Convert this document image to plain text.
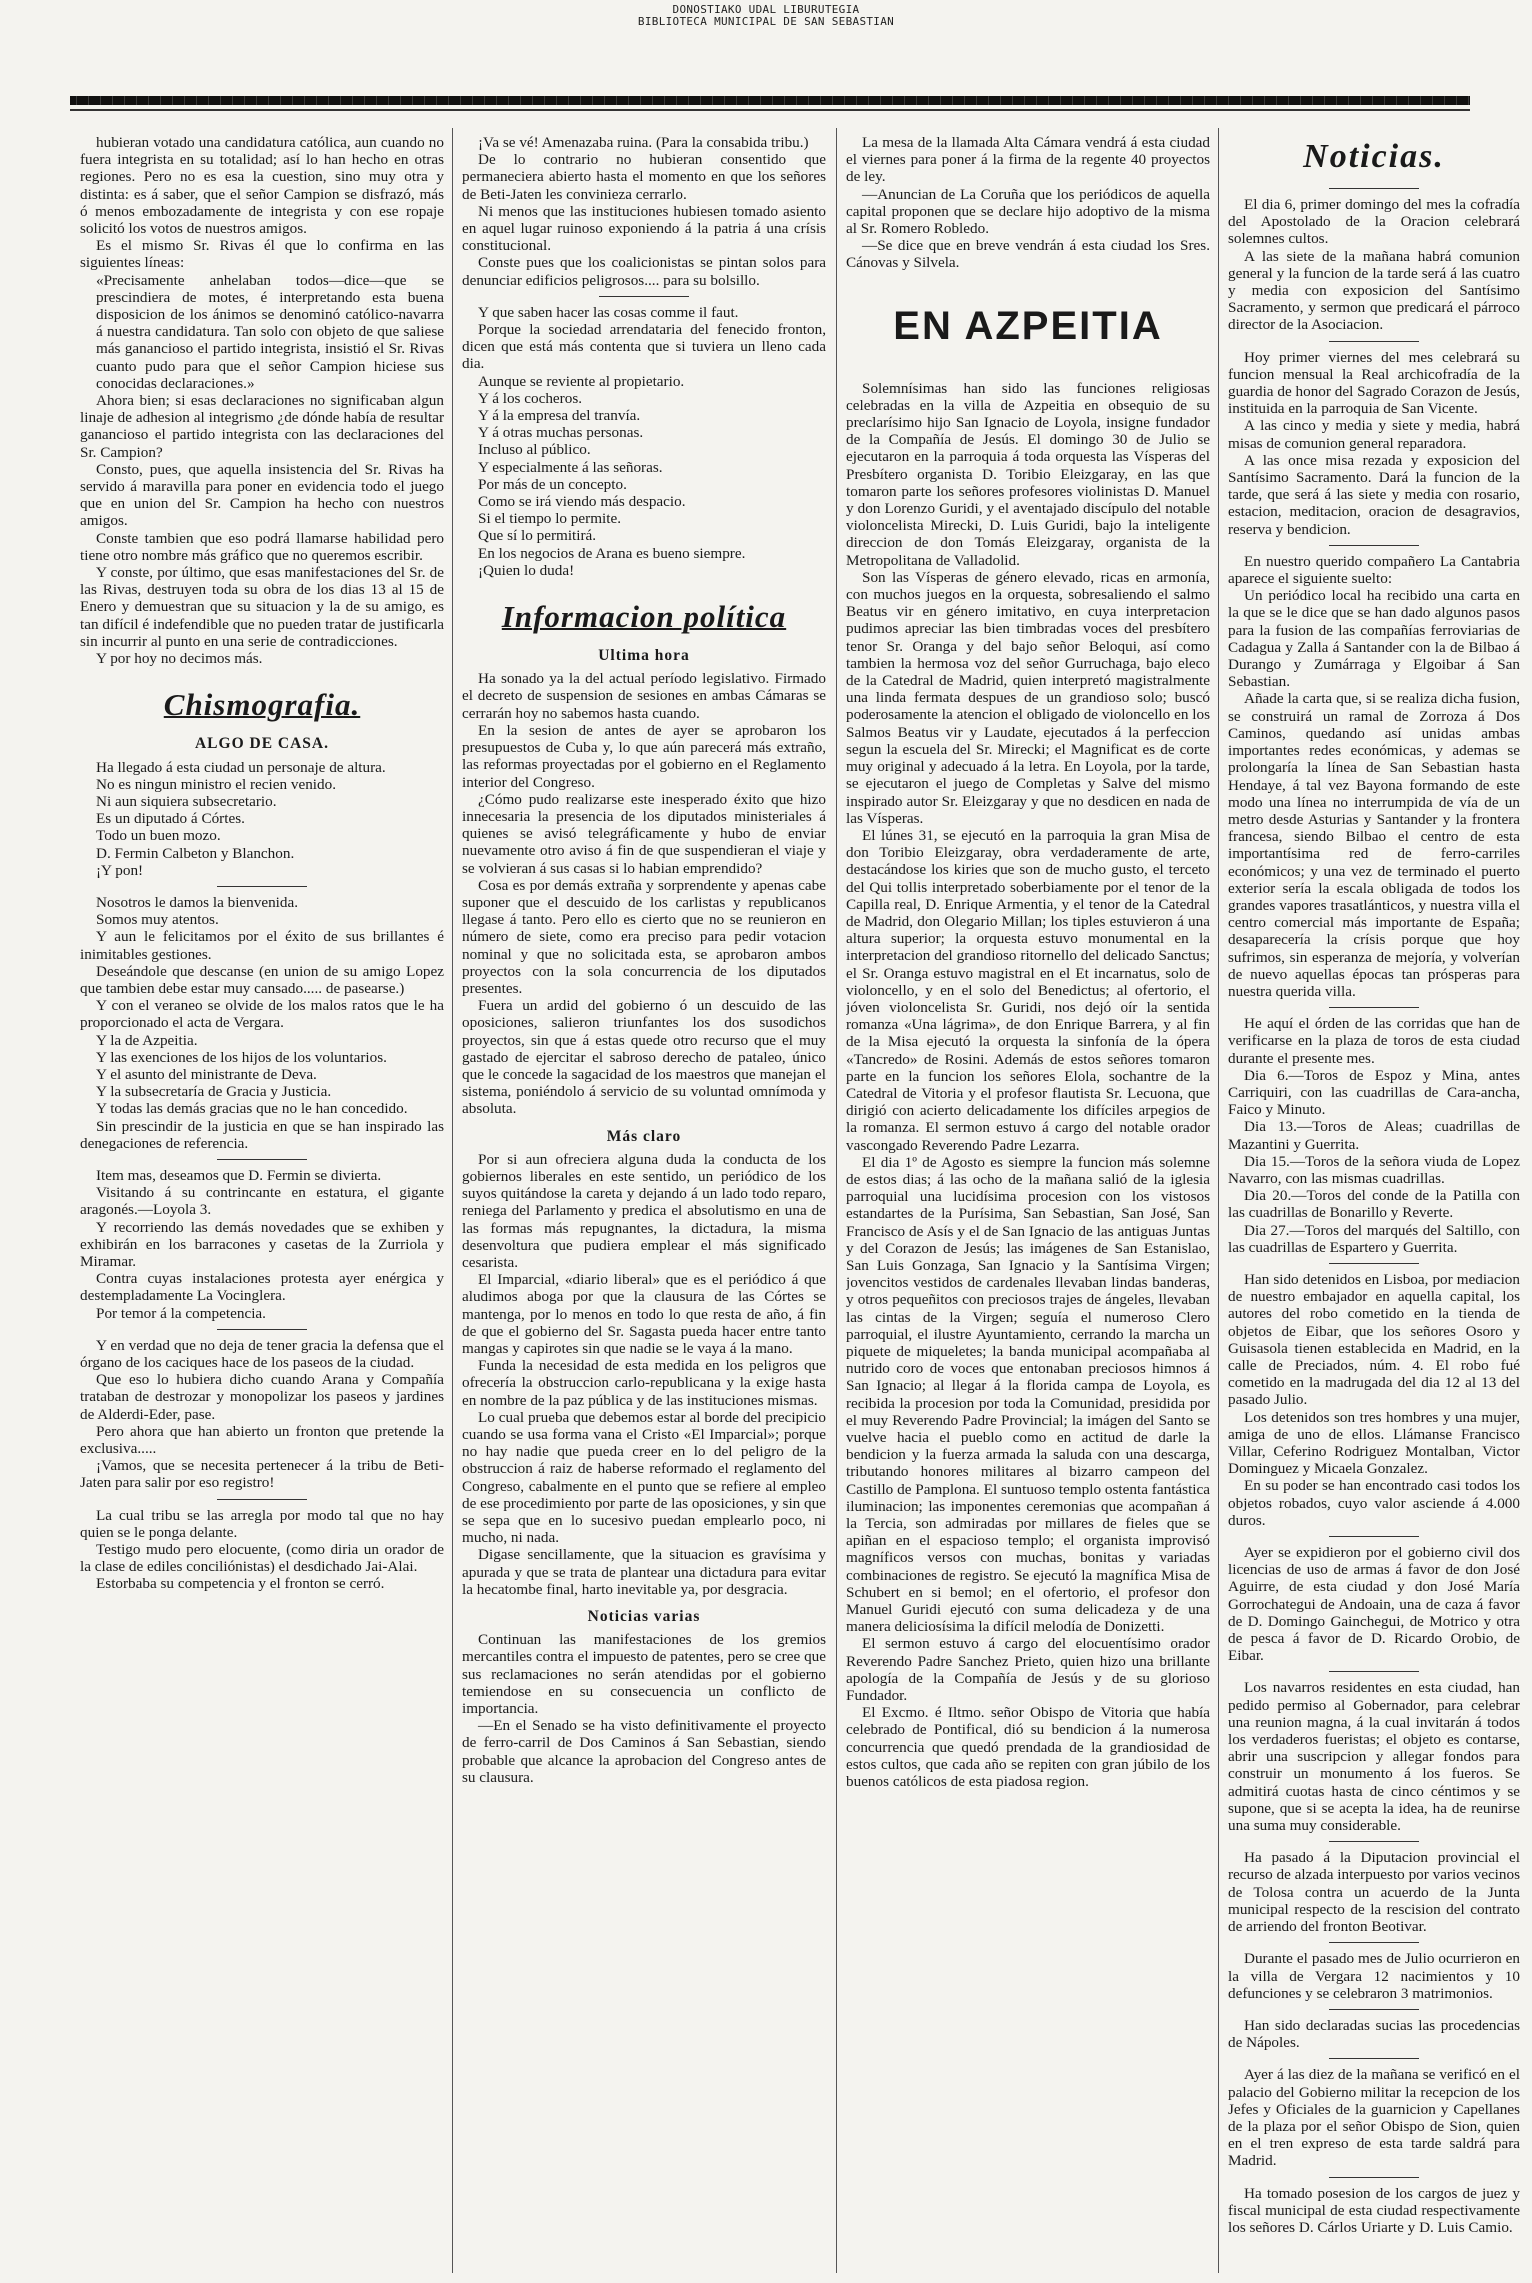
DONOSTIAKO UDAL LIBURUTEGIA
BIBLIOTECA MUNICIPAL DE SAN SEBASTIAN

hubieran votado una candidatura católica, aun cuando no fuera integrista en su totalidad; así lo han hecho en otras regiones. Pero no es esa la cuestion, sino muy otra y distinta: es á saber, que el señor Campion se disfrazó, más ó menos embozadamente de integrista y con ese ropaje solicitó los votos de nuestros amigos.

Es el mismo Sr. Rivas él que lo confirma en las siguientes líneas:

«Precisamente anhelaban todos—dice—que se prescindiera de motes, é interpretando esta buena disposicion de los ánimos se denominó católico-navarra á nuestra candidatura. Tan solo con objeto de que saliese más ganancioso el partido integrista, insistió el Sr. Rivas cuanto pudo para que el señor Campion hiciese sus conocidas declaraciones.»

Ahora bien; si esas declaraciones no significaban algun linaje de adhesion al integrismo ¿de dónde había de resultar ganancioso el partido integrista con las declaraciones del Sr. Campion?

Consto, pues, que aquella insistencia del Sr. Rivas ha servido á maravilla para poner en evidencia todo el juego que en union del Sr. Campion ha hecho con nuestros amigos.

Conste tambien que eso podrá llamarse habilidad pero tiene otro nombre más gráfico que no queremos escribir.

Y conste, por último, que esas manifestaciones del Sr. de las Rivas, destruyen toda su obra de los dias 13 al 15 de Enero y demuestran que su situacion y la de su amigo, es tan difícil é indefendible que no pueden tratar de justificarla sin incurrir al punto en una serie de contradicciones.

Y por hoy no decimos más.

Chismografia.
ALGO DE CASA.

Ha llegado á esta ciudad un personaje de altura.

No es ningun ministro el recien venido.

Ni aun siquiera subsecretario.

Es un diputado á Córtes.

Todo un buen mozo.

D. Fermin Calbeton y Blanchon.

¡Y pon!

Nosotros le damos la bienvenida.

Somos muy atentos.

Y aun le felicitamos por el éxito de sus brillantes é inimitables gestiones.

Deseándole que descanse (en union de su amigo Lopez que tambien debe estar muy cansado..... de pasearse.)

Y con el veraneo se olvide de los malos ratos que le ha proporcionado el acta de Vergara.

Y la de Azpeitia.

Y las exenciones de los hijos de los voluntarios.

Y el asunto del ministrante de Deva.

Y la subsecretaría de Gracia y Justicia.

Y todas las demás gracias que no le han concedido.

Sin prescindir de la justicia en que se han inspirado las denegaciones de referencia.

Item mas, deseamos que D. Fermin se divierta.

Visitando á su contrincante en estatura, el gigante aragonés.—Loyola 3.

Y recorriendo las demás novedades que se exhiben y exhibirán en los barracones y casetas de la Zurriola y Miramar.

Contra cuyas instalaciones protesta ayer enérgica y destempladamente La Vocinglera.

Por temor á la competencia.

Y en verdad que no deja de tener gracia la defensa que el órgano de los caciques hace de los paseos de la ciudad.

Que eso lo hubiera dicho cuando Arana y Compañía trataban de destrozar y monopolizar los paseos y jardines de Alderdi-Eder, pase.

Pero ahora que han abierto un fronton que pretende la exclusiva.....

¡Vamos, que se necesita pertenecer á la tribu de Beti-Jaten para salir por eso registro!

La cual tribu se las arregla por modo tal que no hay quien se le ponga delante.

Testigo mudo pero elocuente, (como diria un orador de la clase de ediles conciliónistas) el desdichado Jai-Alai.

Estorbaba su competencia y el fronton se cerró.

¡Va se vé! Amenazaba ruina. (Para la consabida tribu.)

De lo contrario no hubieran consentido que permaneciera abierto hasta el momento en que los señores de Beti-Jaten les convinieza cerrarlo.

Ni menos que las instituciones hubiesen tomado asiento en aquel lugar ruinoso exponiendo á la patria á una crísis constitucional.

Conste pues que los coalicionistas se pintan solos para denunciar edificios peligrosos.... para su bolsillo.

Y que saben hacer las cosas comme il faut.

Porque la sociedad arrendataria del fenecido fronton, dicen que está más contenta que si tuviera un lleno cada dia.

Aunque se reviente al propietario.

Y á los cocheros.

Y á la empresa del tranvía.

Y á otras muchas personas.

Incluso al público.

Y especialmente á las señoras.

Por más de un concepto.

Como se irá viendo más despacio.

Si el tiempo lo permite.

Que sí lo permitirá.

En los negocios de Arana es bueno siempre.

¡Quien lo duda!

Informacion política
Ultima hora

Ha sonado ya la del actual período legislativo. Firmado el decreto de suspension de sesiones en ambas Cámaras se cerrarán hoy no sabemos hasta cuando.

En la sesion de antes de ayer se aprobaron los presupuestos de Cuba y, lo que aún parecerá más extraño, las reformas proyectadas por el gobierno en el Reglamento interior del Congreso.

¿Cómo pudo realizarse este inesperado éxito que hizo innecesaria la presencia de los diputados ministeriales á quienes se avisó telegráficamente y hubo de enviar nuevamente otro aviso á fin de que suspendieran el viaje y se volvieran á sus casas si lo habian emprendido?

Cosa es por demás extraña y sorprendente y apenas cabe suponer que el descuido de los carlistas y republicanos llegase á tanto. Pero ello es cierto que no se reunieron en número de siete, como era preciso para pedir votacion nominal y que no solicitada esta, se aprobaron ambos proyectos con la sola concurrencia de los diputados presentes.

Fuera un ardid del gobierno ó un descuido de las oposiciones, salieron triunfantes los dos susodichos proyectos, sin que á estas quede otro recurso que el muy gastado de ejercitar el sabroso derecho de pataleo, único que le concede la sagacidad de los maestros que manejan el sistema, poniéndolo á servicio de su voluntad omnímoda y absoluta.

Más claro

Por si aun ofreciera alguna duda la conducta de los gobiernos liberales en este sentido, un periódico de los suyos quitándose la careta y dejando á un lado todo reparo, reniega del Parlamento y predica el absolutismo en una de las formas más repugnantes, la dictadura, la misma desenvoltura que pudiera emplear el más significado cesarista.

El Imparcial, «diario liberal» que es el periódico á que aludimos aboga por que la clausura de las Córtes se mantenga, por lo menos en todo lo que resta de año, á fin de que el gobierno del Sr. Sagasta pueda hacer entre tanto mangas y capirotes sin que nadie se le vaya á la mano.

Funda la necesidad de esta medida en los peligros que ofrecería la obstruccion carlo-republicana y la exige hasta en nombre de la paz pública y de las instituciones mismas.

Lo cual prueba que debemos estar al borde del precipicio cuando se usa forma vana el Cristo «El Imparcial»; porque no hay nadie que pueda creer en lo del peligro de la obstruccion á raiz de haberse reformado el reglamento del Congreso, cabalmente en el punto que se refiere al empleo de ese procedimiento por parte de las oposiciones, y sin que se sepa que en lo sucesivo puedan emplearlo poco, ni mucho, ni nada.

Digase sencillamente, que la situacion es gravísima y apurada y que se trata de plantear una dictadura para evitar la hecatombe final, harto inevitable ya, por desgracia.

Noticias varias

Continuan las manifestaciones de los gremios mercantiles contra el impuesto de patentes, pero se cree que sus reclamaciones no serán atendidas por el gobierno temiendose en su consecuencia un conflicto de importancia.

—En el Senado se ha visto definitivamente el proyecto de ferro-carril de Dos Caminos á San Sebastian, siendo probable que alcance la aprobacion del Congreso antes de su clausura.

La mesa de la llamada Alta Cámara vendrá á esta ciudad el viernes para poner á la firma de la regente 40 proyectos de ley.

—Anuncian de La Coruña que los periódicos de aquella capital proponen que se declare hijo adoptivo de la misma al Sr. Romero Robledo.

—Se dice que en breve vendrán á esta ciudad los Sres. Cánovas y Silvela.

EN AZPEITIA

Solemnísimas han sido las funciones religiosas celebradas en la villa de Azpeitia en obsequio de su preclarísimo hijo San Ignacio de Loyola, insigne fundador de la Compañía de Jesús. El domingo 30 de Julio se ejecutaron en la parroquia á toda orquesta las Vísperas del Presbítero organista D. Toribio Eleizgaray, en las que tomaron parte los señores profesores violinistas D. Manuel y don Lorenzo Guridi, y el aventajado discípulo del notable violoncelista Mirecki, D. Luis Guridi, bajo la inteligente direccion de don Tomás Eleizgaray, organista de la Metropolitana de Valladolid.

Son las Vísperas de género elevado, ricas en armonía, con muchos juegos en la orquesta, sobresaliendo el salmo Beatus vir en género imitativo, en cuya interpretacion pudimos apreciar las bien timbradas voces del presbítero tenor Sr. Oranga y del bajo señor Beloqui, así como tambien la hermosa voz del señor Gurruchaga, bajo eleco de la Catedral de Madrid, quien interpretó magistralmente una linda fermata despues de un grandioso solo; buscó poderosamente la atencion el obligado de violoncello en los Salmos Beatus vir y Laudate, ejecutados á la perfeccion segun la escuela del Sr. Mirecki; el Magnificat es de corte muy original y adecuado á la letra. En Loyola, por la tarde, se ejecutaron el juego de Completas y Salve del mismo inspirado autor Sr. Eleizgaray y que no desdicen en nada de las Vísperas.

El lúnes 31, se ejecutó en la parroquia la gran Misa de don Toribio Eleizgaray, obra verdaderamente de arte, destacándose los kiries que son de mucho gusto, el terceto del Qui tollis interpretado soberbiamente por el tenor de la Capilla real, D. Enrique Armentia, y el tenor de la Catedral de Madrid, don Olegario Millan; los tiples estuvieron á una altura superior; la orquesta estuvo monumental en la interpretacion del grandioso ritornello del delicado Sanctus; el Sr. Oranga estuvo magistral en el Et incarnatus, solo de violoncello, y en el solo del Benedictus; al ofertorio, el jóven violoncelista Sr. Guridi, nos dejó oír la sentida romanza «Una lágrima», de don Enrique Barrera, y al fin de la Misa ejecutó la orquesta la sinfonía de la ópera «Tancredo» de Rosini. Además de estos señores tomaron parte en la funcion los señores Elola, sochantre de la Catedral de Vitoria y el profesor flautista Sr. Lecuona, que dirigió con acierto delicadamente los difíciles arpegios de la romanza. El sermon estuvo á cargo del notable orador vascongado Reverendo Padre Lezarra.

El dia 1º de Agosto es siempre la funcion más solemne de estos dias; á las ocho de la mañana salió de la iglesia parroquial una lucidísima procesion con los vistosos estandartes de la Purísima, San Sebastian, San José, San Francisco de Asís y el de San Ignacio de las antiguas Juntas y del Corazon de Jesús; las imágenes de San Estanislao, San Luis Gonzaga, San Ignacio y la Santísima Virgen; jovencitos vestidos de cardenales llevaban lindas banderas, y otros pequeñitos con preciosos trajes de ángeles, llevaban las cintas de la Virgen; seguía el numeroso Clero parroquial, el ilustre Ayuntamiento, cerrando la marcha un piquete de miqueletes; la banda municipal acompañaba al nutrido coro de voces que entonaban preciosos himnos á San Ignacio; al llegar á la florida campa de Loyola, es recibida la procesion por toda la Comunidad, presidida por el muy Reverendo Padre Provincial; la imágen del Santo se vuelve hacia el pueblo como en actitud de darle la bendicion y la fuerza armada la saluda con una descarga, tributando honores militares al bizarro campeon del Castillo de Pamplona. El suntuoso templo ostenta fantástica iluminacion; las imponentes ceremonias que acompañan á la Tercia, son admiradas por millares de fieles que se apiñan en el espacioso templo; el organista improvisó magníficos versos con muchas, bonitas y variadas combinaciones de registro. Se ejecutó la magnífica Misa de Schubert en si bemol; en el ofertorio, el profesor don Manuel Guridi ejecutó con suma delicadeza y de una manera deliciosísima la difícil melodía de Donizetti.

El sermon estuvo á cargo del elocuentísimo orador Reverendo Padre Sanchez Prieto, quien hizo una brillante apología de la Compañía de Jesús y de su glorioso Fundador.

El Excmo. é Iltmo. señor Obispo de Vitoria que había celebrado de Pontifical, dió su bendicion á la numerosa concurrencia que quedó prendada de la grandiosidad de estos cultos, que cada año se repiten con gran júbilo de los buenos católicos de esta piadosa region.

Noticias.

El dia 6, primer domingo del mes la cofradía del Apostolado de la Oracion celebrará solemnes cultos.

A las siete de la mañana habrá comunion general y la funcion de la tarde será á las cuatro y media con exposicion del Santísimo Sacramento, y sermon que predicará el párroco director de la Asociacion.

Hoy primer viernes del mes celebrará su funcion mensual la Real archicofradía de la guardia de honor del Sagrado Corazon de Jesús, instituida en la parroquia de San Vicente.

A las cinco y media y siete y media, habrá misas de comunion general reparadora.

A las once misa rezada y exposicion del Santísimo Sacramento. Dará la funcion de la tarde, que será á las siete y media con rosario, estacion, meditacion, oracion de desagravios, reserva y bendicion.

En nuestro querido compañero La Cantabria aparece el siguiente suelto:

Un periódico local ha recibido una carta en la que se le dice que se han dado algunos pasos para la fusion de las compañías ferroviarias de Cadagua y Zalla á Santander con la de Bilbao á Durango y Zumárraga y Elgoibar á San Sebastian.

Añade la carta que, si se realiza dicha fusion, se construirá un ramal de Zorroza á Dos Caminos, quedando así unidas ambas importantes redes económicas, y ademas se prolongaría la línea de San Sebastian hasta Hendaye, á tal vez Bayona formando de este modo una línea no interrumpida de vía de un metro desde Asturias y Santander y la frontera francesa, siendo Bilbao el centro de esta importantísima red de ferro-carriles económicos; y una vez de terminado el puerto exterior sería la escala obligada de todos los grandes vapores trasatlánticos, y nuestra villa el centro comercial más importante de España; desaparecería la crísis porque que hoy sufrimos, sin esperanza de mejoría, y volverían de nuevo aquellas épocas tan prósperas para nuestra querida villa.

He aquí el órden de las corridas que han de verificarse en la plaza de toros de esta ciudad durante el presente mes.

Dia 6.—Toros de Espoz y Mina, antes Carriquiri, con las cuadrillas de Cara-ancha, Faico y Minuto.

Dia 13.—Toros de Aleas; cuadrillas de Mazantini y Guerrita.

Dia 15.—Toros de la señora viuda de Lopez Navarro, con las mismas cuadrillas.

Dia 20.—Toros del conde de la Patilla con las cuadrillas de Bonarillo y Reverte.

Dia 27.—Toros del marqués del Saltillo, con las cuadrillas de Espartero y Guerrita.

Han sido detenidos en Lisboa, por mediacion de nuestro embajador en aquella capital, los autores del robo cometido en la tienda de objetos de Eibar, que los señores Osoro y Guisasola tienen establecida en Madrid, en la calle de Preciados, núm. 4. El robo fué cometido en la madrugada del dia 12 al 13 del pasado Julio.

Los detenidos son tres hombres y una mujer, amiga de uno de ellos. Llámanse Francisco Villar, Ceferino Rodriguez Montalban, Victor Dominguez y Micaela Gonzalez.

En su poder se han encontrado casi todos los objetos robados, cuyo valor asciende á 4.000 duros.

Ayer se expidieron por el gobierno civil dos licencias de uso de armas á favor de don José Aguirre, de esta ciudad y don José María Gorrochategui de Andoain, una de caza á favor de D. Domingo Gainchegui, de Motrico y otra de pesca á favor de D. Ricardo Orobio, de Eibar.

Los navarros residentes en esta ciudad, han pedido permiso al Gobernador, para celebrar una reunion magna, á la cual invitarán á todos los verdaderos fueristas; el objeto es contarse, abrir una suscripcion y allegar fondos para construir un monumento á los fueros. Se admitirá cuotas hasta de cinco céntimos y se supone, que si se acepta la idea, ha de reunirse una suma muy considerable.

Ha pasado á la Diputacion provincial el recurso de alzada interpuesto por varios vecinos de Tolosa contra un acuerdo de la Junta municipal respecto de la rescision del contrato de arriendo del fronton Beotivar.

Durante el pasado mes de Julio ocurrieron en la villa de Vergara 12 nacimientos y 10 defunciones y se celebraron 3 matrimonios.

Han sido declaradas sucias las procedencias de Nápoles.

Ayer á las diez de la mañana se verificó en el palacio del Gobierno militar la recepcion de los Jefes y Oficiales de la guarnicion y Capellanes de la plaza por el señor Obispo de Sion, quien en el tren expreso de esta tarde saldrá para Madrid.

Ha tomado posesion de los cargos de juez y fiscal municipal de esta ciudad respectivamente los señores D. Cárlos Uriarte y D. Luis Camio.
